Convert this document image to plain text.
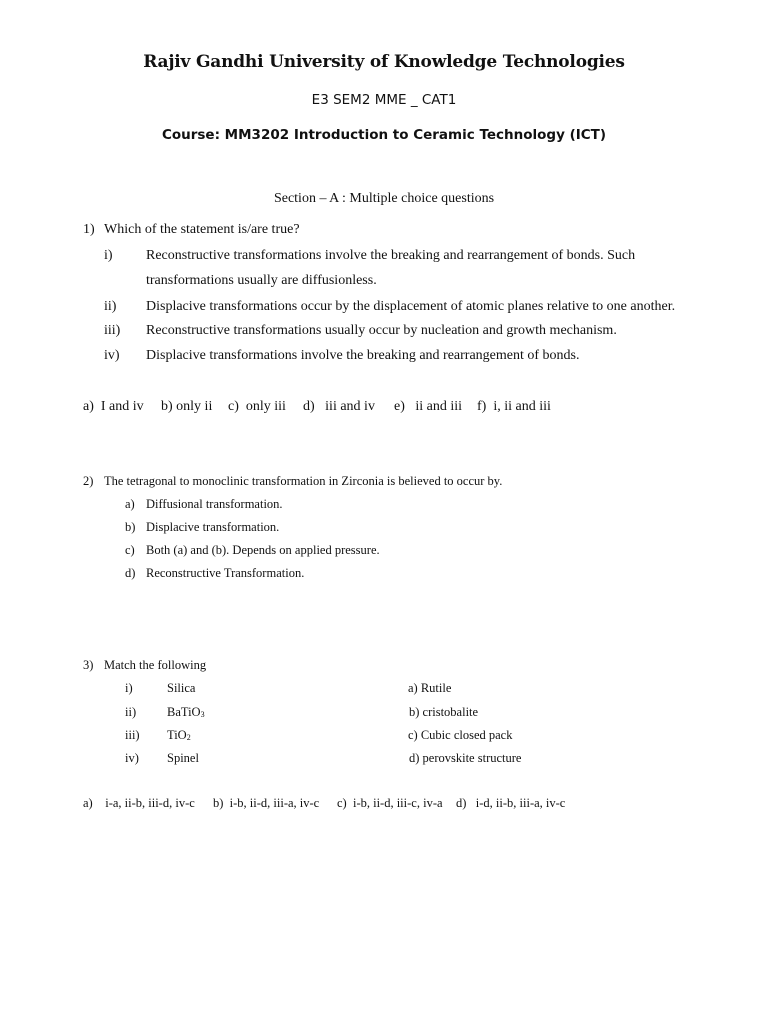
Rajiv Gandhi University of Knowledge Technologies
E3 SEM2 MME _ CAT1
Course: MM3202 Introduction to Ceramic Technology (ICT)
Section – A : Multiple choice questions
1) Which of the statement is/are true?
i) Reconstructive transformations involve the breaking and rearrangement of bonds. Such
transformations usually are diffusionless.
ii) Displacive transformations occur by the displacement of atomic planes relative to one another.
iii) Reconstructive transformations usually occur by nucleation and growth mechanism.
iv) Displacive transformations involve the breaking and rearrangement of bonds.
a) I and iv b) only ii c) only iii d) iii and iv e) ii and iii f) i, ii and iii
2) The tetragonal to monoclinic transformation in Zirconia is believed to occur by.
a) Diffusional transformation.
b) Displacive transformation.
c) Both (a) and (b). Depends on applied pressure.
d) Reconstructive Transformation.
3) Match the following
i)	Silica
ii) BaTiO$_3$
iii) TiO$_2$
iv) Spinel
a) Rutile
b) cristobalite
c) Cubic closed pack
d) perovskite structure
a) i-a, ii-b, iii-d, iv-c b) i-b, ii-d, iii-a, iv-c c) i-b, ii-d, iii-c, iv-a d) i-d, ii-b, iii-a, iv-c
